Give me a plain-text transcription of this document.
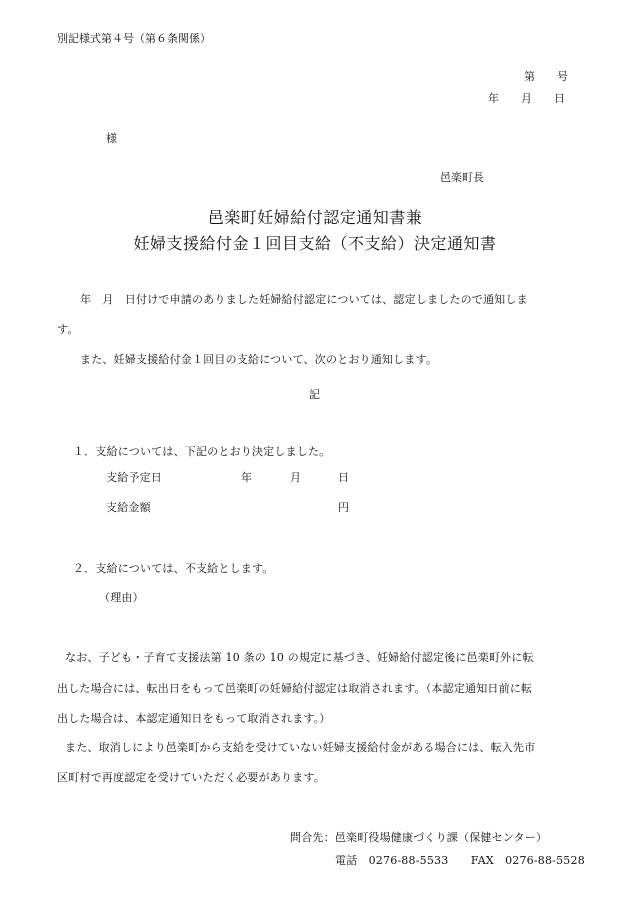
別記様式第４号（第６条関係）
第　　号
年　　月　　日
様
邑楽町長
邑楽町妊婦給付認定通知書兼
妊婦支援給付金１回目支給（不支給）決定通知書
年　月　日付けで申請のありました妊婦給付認定については、認定しましたので通知しま
す。
また、妊婦支援給付金１回目の支給について、次のとおり通知します。
記
１．支給については、下記のとおり決定しました。
支給予定日	年	月	日
支給金額	円
２．支給については、不支給とします。
（理由）
なお、子ども・子育て支援法第 10 条の 10 の規定に基づき、妊婦給付認定後に邑楽町外に転
出した場合には、転出日をもって邑楽町の妊婦給付認定は取消されます。（本認定通知日前に転
出した場合は、本認定通知日をもって取消されます。）
また、取消しにより邑楽町から支給を受けていない妊婦支援給付金がある場合には、転入先市
区町村で再度認定を受けていただく必要があります。
問合先：邑楽町役場健康づくり課（保健センター）
電話　0276-88-5533　　FAX　0276-88-5528
